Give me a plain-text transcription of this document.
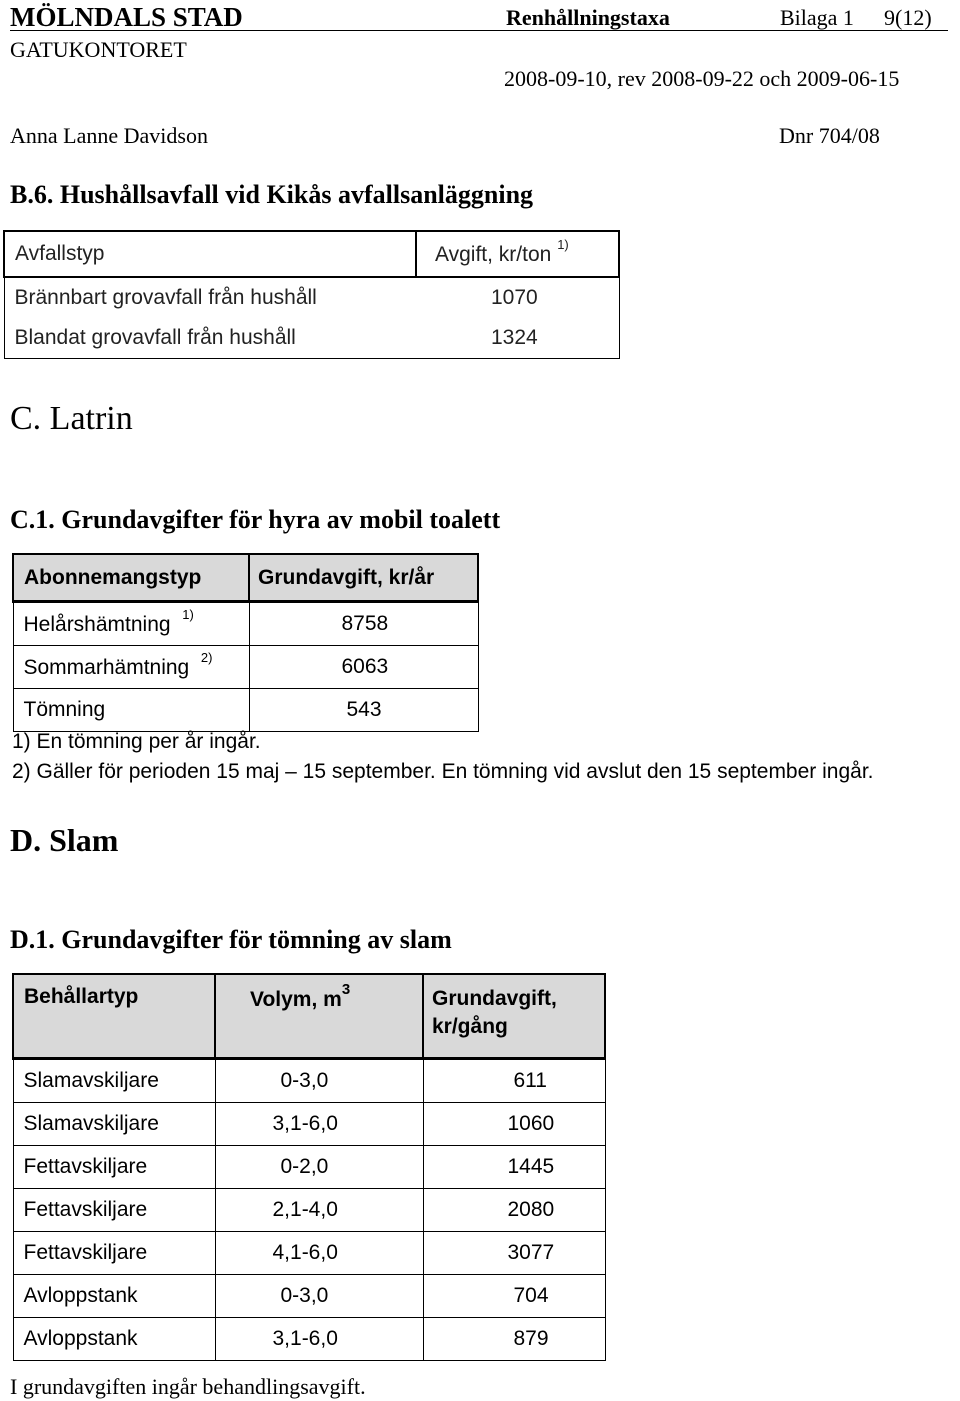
MÖLNDALS STAD	Renhållningstaxa	Bilaga 1 9(12)
GATUKONTORET
2008-09-10, rev 2008-09-22 och 2009-06-15
Anna Lanne Davidson	Dnr 704/08
B.6. Hushållsavfall vid Kikås avfallsanläggning
Avfallstyp	Avgift, kr/ton $^{1)}$
Brännbart grovavfall från hushåll	1070
Blandat grovavfall från hushåll	1324
C. Latrin
C.1. Grundavgifter för hyra av mobil toalett
Abonnemangstyp	Grundavgift, kr/år
Helårshämtning $^{1)}$	8758
Sommarhämtning $^{2)}$	6063
Tömning	543
1) En tömning per år ingår.
2) Gäller för perioden 15 maj – 15 september. En tömning vid avslut den 15 september ingår.
D. Slam
D.1. Grundavgifter för tömning av slam
Behållartyp	Volym, $m^3$	Grundavgift,
kr/gång
Slamavskiljare	0-3,0	611
Slamavskiljare	3,1-6,0	1060
Fettavskiljare	0-2,0	1445
Fettavskiljare	2,1-4,0	2080
Fettavskiljare	4,1-6,0	3077
Avloppstank	0-3,0	704
Avloppstank	3,1-6,0	879
I grundavgiften ingår behandlingsavgift.
